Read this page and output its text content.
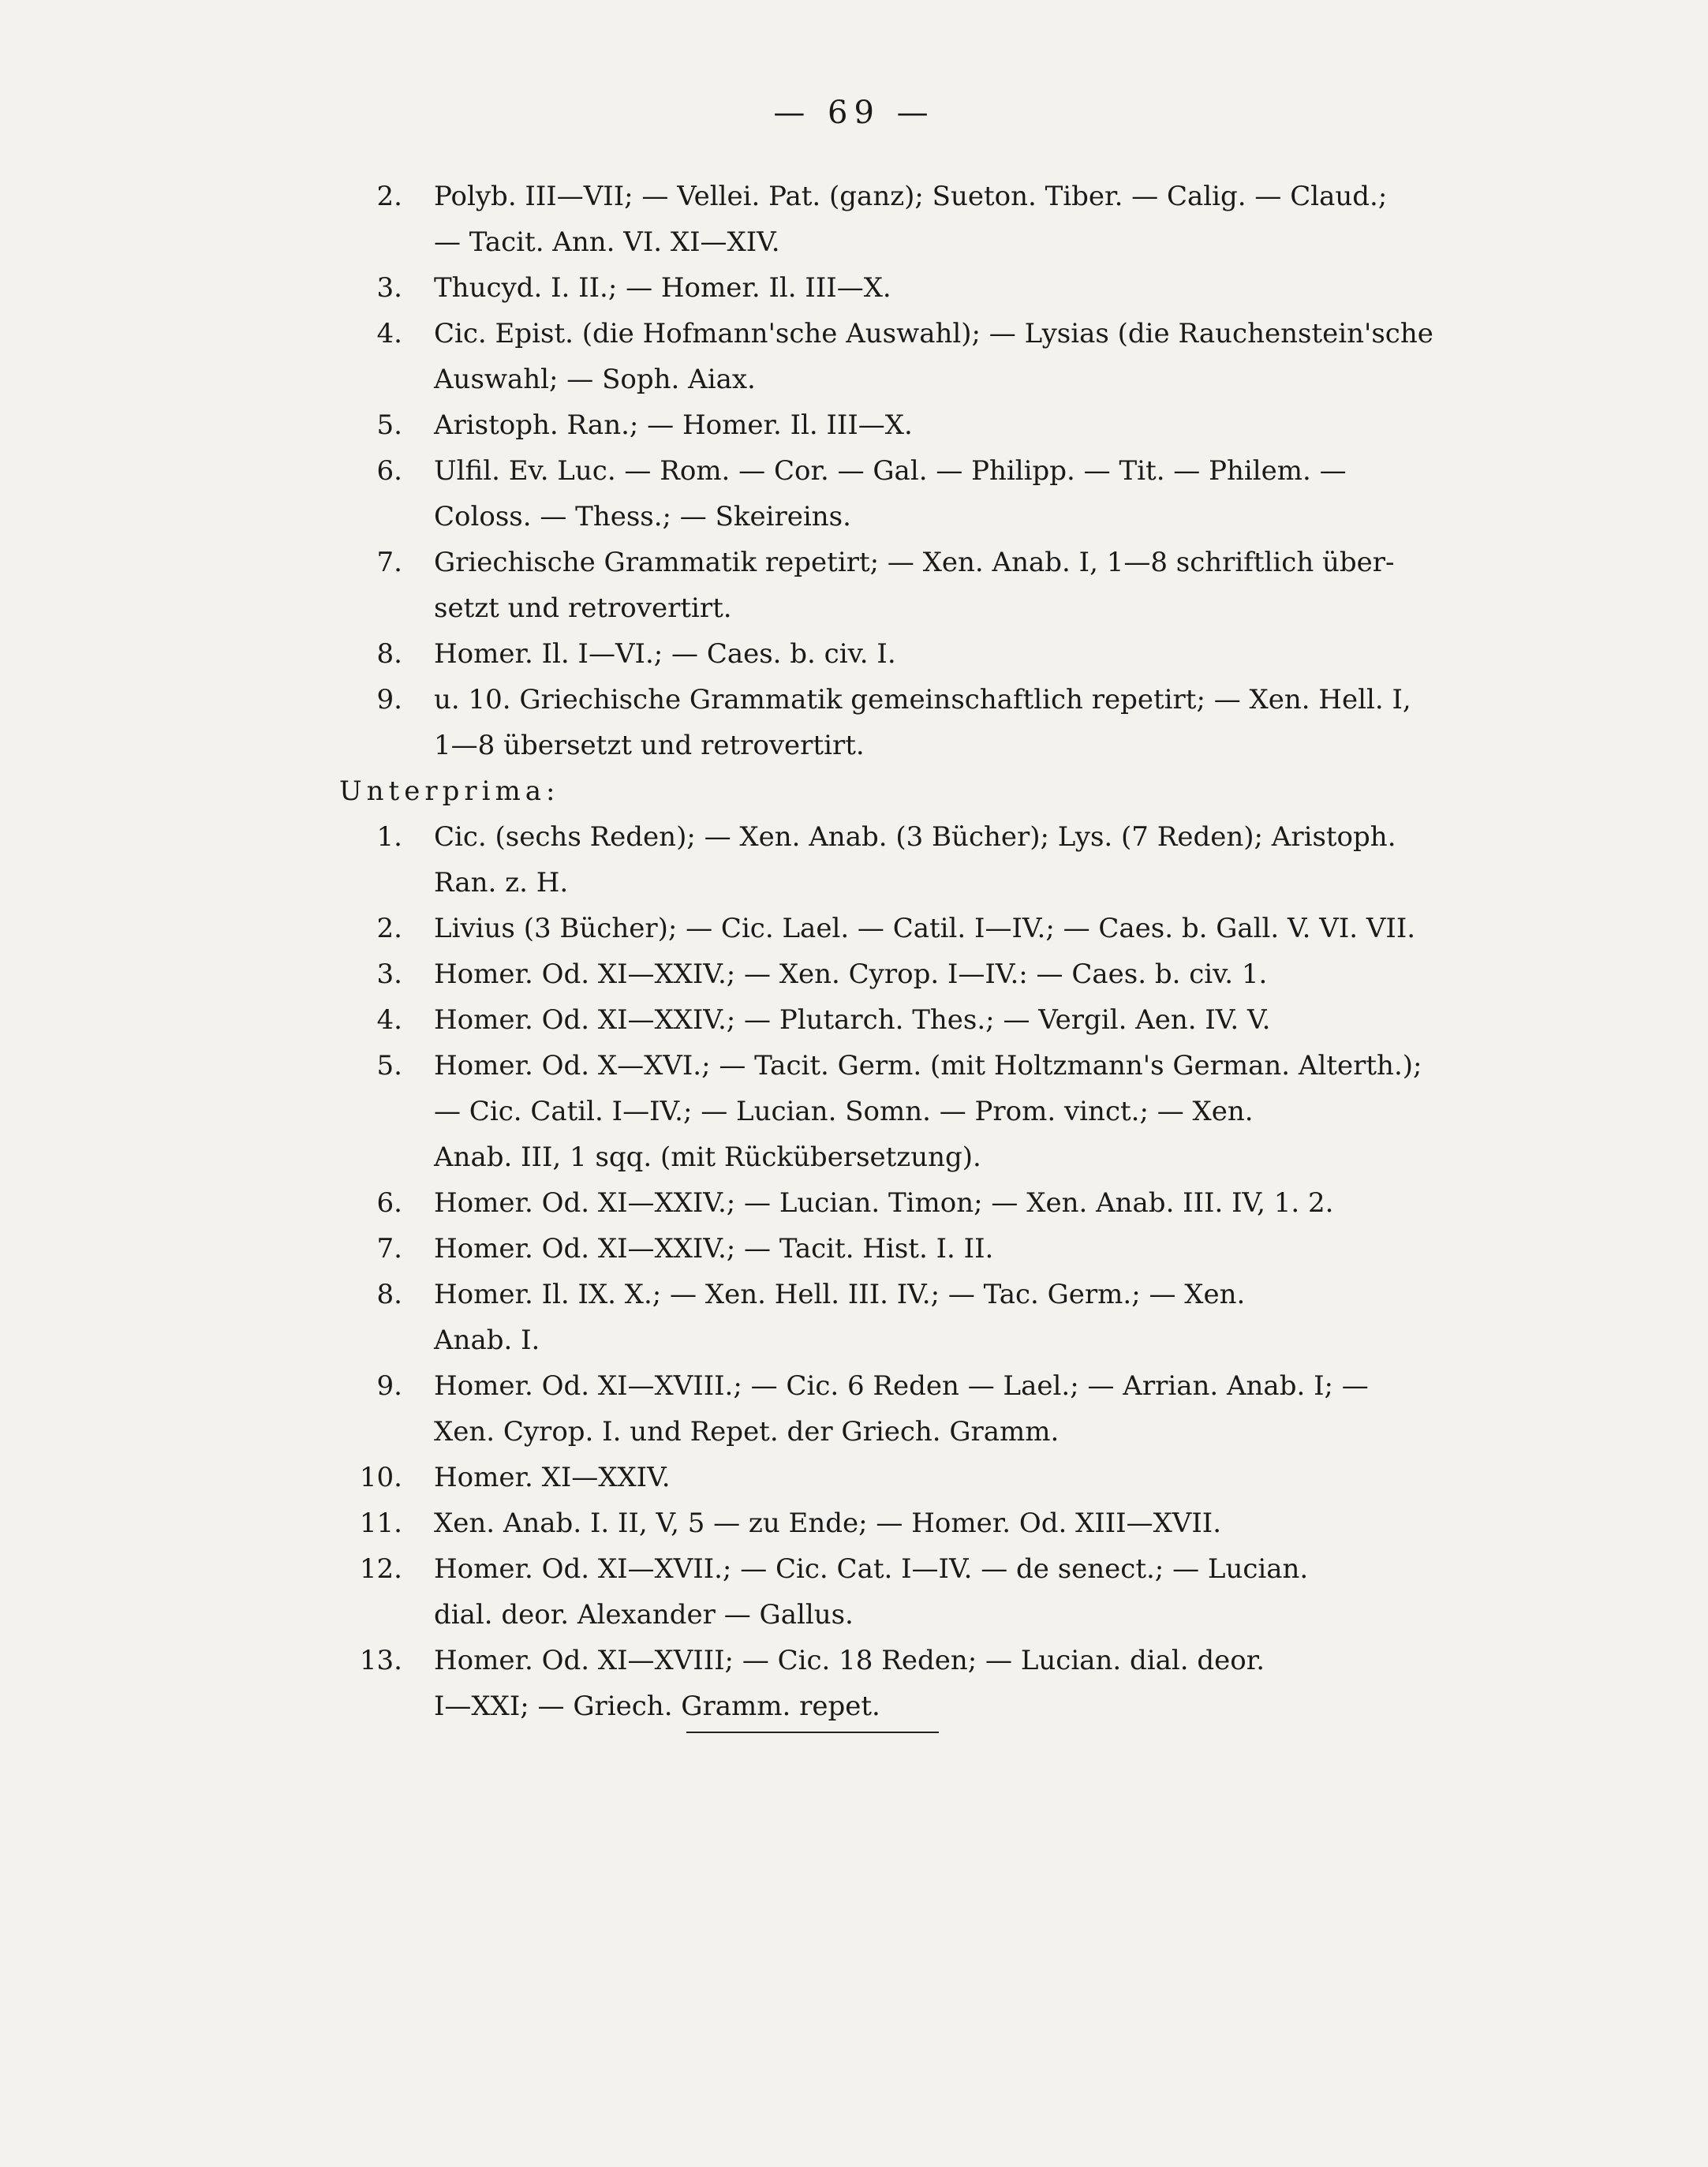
— 69 —
2.	Polyb. III—VII; — Vellei. Pat. (ganz); Sueton. Tiber. — Calig. — Claud.;
— Tacit. Ann. VI. XI—XIV.
3.	Thucyd. I. II.; — Homer. Il. III—X.
4.	Cic. Epist. (die Hofmann'sche Auswahl); — Lysias (die Rauchenstein'sche
Auswahl; — Soph. Aiax.
5.	Aristoph. Ran.; — Homer. Il. III—X.
6.	Ulfil. Ev. Luc. — Rom. — Cor. — Gal. — Philipp. — Tit. — Philem. —
Coloss. — Thess.; — Skeireins.
7.	Griechische Grammatik repetirt; — Xen. Anab. I, 1—8 schriftlich über-
setzt und retrovertirt.
8.	Homer. Il. I—VI.; — Caes. b. civ. I.
9.	u. 10. Griechische Grammatik gemeinschaftlich repetirt; — Xen. Hell. I,
1—8 übersetzt und retrovertirt.
Unterprima:
1.	Cic. (sechs Reden); — Xen. Anab. (3 Bücher); Lys. (7 Reden); Aristoph.
Ran. z. H.
2.	Livius (3 Bücher); — Cic. Lael. — Catil. I—IV.; — Caes. b. Gall. V. VI. VII.
3.	Homer. Od. XI—XXIV.; — Xen. Cyrop. I—IV.: — Caes. b. civ. 1.
4.	Homer. Od. XI—XXIV.; — Plutarch. Thes.; — Vergil. Aen. IV. V.
5.	Homer. Od. X—XVI.; — Tacit. Germ. (mit Holtzmann's German. Alterth.);
— Cic. Catil. I—IV.; — Lucian. Somn. — Prom. vinct.; — Xen.
Anab. III, 1 sqq. (mit Rückübersetzung).
6.	Homer. Od. XI—XXIV.; — Lucian. Timon; — Xen. Anab. III. IV, 1. 2.
7.	Homer. Od. XI—XXIV.; — Tacit. Hist. I. II.
8.	Homer. Il. IX. X.; — Xen. Hell. III. IV.; — Tac. Germ.; — Xen.
Anab. I.
9.	Homer. Od. XI—XVIII.; — Cic. 6 Reden — Lael.; — Arrian. Anab. I; —
Xen. Cyrop. I. und Repet. der Griech. Gramm.
10.	Homer. XI—XXIV.
11.	Xen. Anab. I. II, V, 5 — zu Ende; — Homer. Od. XIII—XVII.
12.	Homer. Od. XI—XVII.; — Cic. Cat. I—IV. — de senect.; — Lucian.
dial. deor. Alexander — Gallus.
13.	Homer. Od. XI—XVIII; — Cic. 18 Reden; — Lucian. dial. deor.
I—XXI; — Griech. Gramm. repet.
